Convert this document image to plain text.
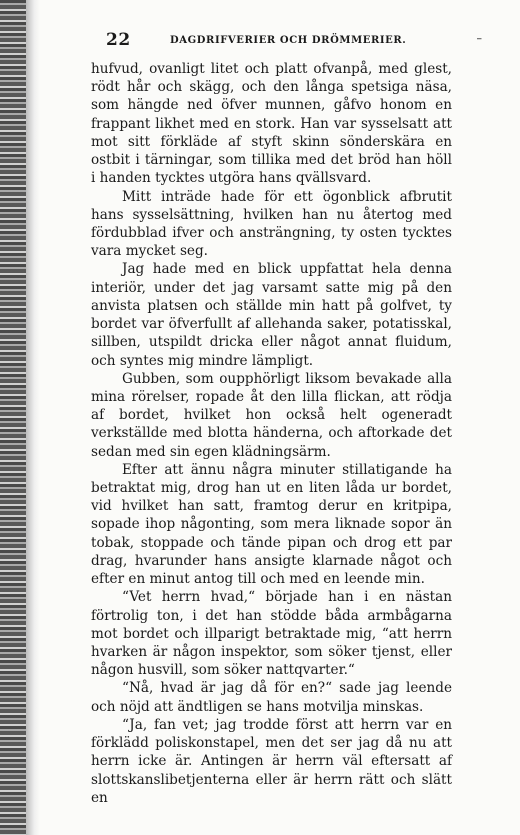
22	DAGDRIFVERIER OCH DRÖMMERIER.	–

hufvud, ovanligt litet och platt ofvanpå, med glest, rödt hår och skägg, och den långa spetsiga näsa, som hängde ned öfver munnen, gåfvo honom en frappant likhet med en stork. Han var sysselsatt att mot sitt förkläde af styft skinn sönderskära en ostbit i tärningar, som tillika med det bröd han höll i handen tycktes utgöra hans qvällsvard.

Mitt inträde hade för ett ögonblick afbrutit hans sysselsättning, hvilken han nu återtog med fördubblad ifver och ansträngning, ty osten tycktes vara mycket seg.

Jag hade med en blick uppfattat hela denna interiör, under det jag varsamt satte mig på den anvista platsen och ställde min hatt på golfvet, ty bordet var öfverfullt af allehanda saker, potatisskal, sillben, utspildt dricka eller något annat fluidum, och syntes mig mindre lämpligt.

Gubben, som oupphörligt liksom bevakade alla mina rörelser, ropade åt den lilla flickan, att rödja af bordet, hvilket hon också helt ogeneradt verkställde med blotta händerna, och aftorkade det sedan med sin egen klädningsärm.

Efter att ännu några minuter stillatigande ha betraktat mig, drog han ut en liten låda ur bordet, vid hvilket han satt, framtog derur en kritpipa, sopade ihop någonting, som mera liknade sopor än tobak, stoppade och tände pipan och drog ett par drag, hvarunder hans ansigte klarnade något och efter en minut antog till och med en leende min.

“Vet herrn hvad,“ började han i en nästan förtrolig ton, i det han stödde båda armbågarna mot bordet och illparigt betraktade mig, “att herrn hvarken är någon inspektor, som söker tjenst, eller någon husvill, som söker nattqvarter.“

“Nå, hvad är jag då för en?“ sade jag leende och nöjd att ändtligen se hans motvilja minskas.

“Ja, fan vet; jag trodde först att herrn var en förklädd poliskonstapel, men det ser jag då nu att herrn icke är. Antingen är herrn väl eftersatt af slottskanslibetjenterna eller är herrn rätt och slätt en
